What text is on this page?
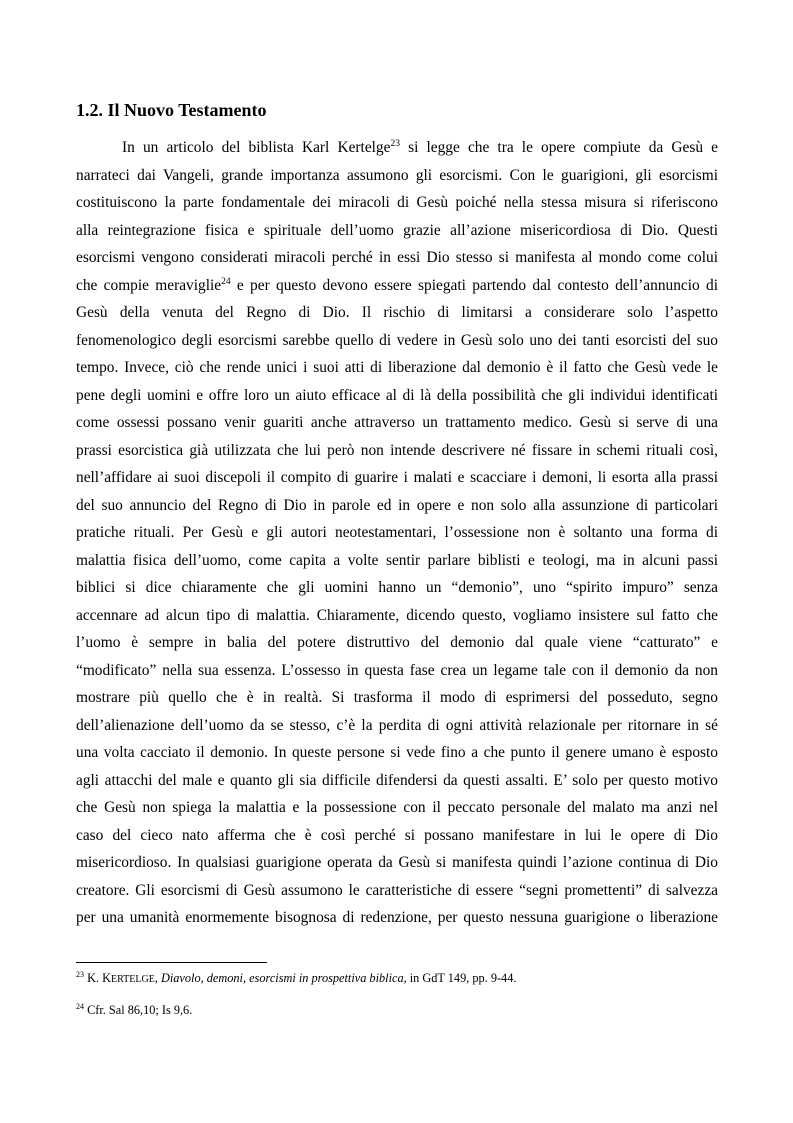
1.2. Il Nuovo Testamento
In un articolo del biblista Karl Kertelge$^{23}$ si legge che tra le opere compiute da Gesù e
narrateci dai Vangeli, grande importanza assumono gli esorcismi. Con le guarigioni, gli esorcismi
costituiscono la parte fondamentale dei miracoli di Gesù poiché nella stessa misura si riferiscono
alla reintegrazione fisica e spirituale dell’uomo grazie all’azione misericordiosa di Dio. Questi
esorcismi vengono considerati miracoli perché in essi Dio stesso si manifesta al mondo come colui
che compie meraviglie$^{24}$ e per questo devono essere spiegati partendo dal contesto dell’annuncio di
Gesù della venuta del Regno di Dio. Il rischio di limitarsi a considerare solo l’aspetto
fenomenologico degli esorcismi sarebbe quello di vedere in Gesù solo uno dei tanti esorcisti del suo
tempo. Invece, ciò che rende unici i suoi atti di liberazione dal demonio è il fatto che Gesù vede le
pene degli uomini e offre loro un aiuto efficace al di là della possibilità che gli individui identificati
come ossessi possano venir guariti anche attraverso un trattamento medico. Gesù si serve di una
prassi esorcistica già utilizzata che lui però non intende descrivere né fissare in schemi rituali così,
nell’affidare ai suoi discepoli il compito di guarire i malati e scacciare i demoni, li esorta alla prassi
del suo annuncio del Regno di Dio in parole ed in opere e non solo alla assunzione di particolari
pratiche rituali. Per Gesù e gli autori neotestamentari, l’ossessione non è soltanto una forma di
malattia fisica dell’uomo, come capita a volte sentir parlare biblisti e teologi, ma in alcuni passi
biblici si dice chiaramente che gli uomini hanno un “demonio”, uno “spirito impuro” senza
accennare ad alcun tipo di malattia. Chiaramente, dicendo questo, vogliamo insistere sul fatto che
l’uomo è sempre in balia del potere distruttivo del demonio dal quale viene “catturato” e
“modificato” nella sua essenza. L’ossesso in questa fase crea un legame tale con il demonio da non
mostrare più quello che è in realtà. Si trasforma il modo di esprimersi del posseduto, segno
dell’alienazione dell’uomo da se stesso, c’è la perdita di ogni attività relazionale per ritornare in sé
una volta cacciato il demonio. In queste persone si vede fino a che punto il genere umano è esposto
agli attacchi del male e quanto gli sia difficile difendersi da questi assalti. E’ solo per questo motivo
che Gesù non spiega la malattia e la possessione con il peccato personale del malato ma anzi nel
caso del cieco nato afferma che è così perché si possano manifestare in lui le opere di Dio
misericordioso. In qualsiasi guarigione operata da Gesù si manifesta quindi l’azione continua di Dio
creatore. Gli esorcismi di Gesù assumono le caratteristiche di essere “segni promettenti” di salvezza
per una umanità enormemente bisognosa di redenzione, per questo nessuna guarigione o liberazione

$^{23}$ K. KERTELGE, Diavolo, demoni, esorcismi in prospettiva biblica, in GdT 149, pp. 9-44.

$^{24}$ Cfr. Sal 86,10; Is 9,6.
